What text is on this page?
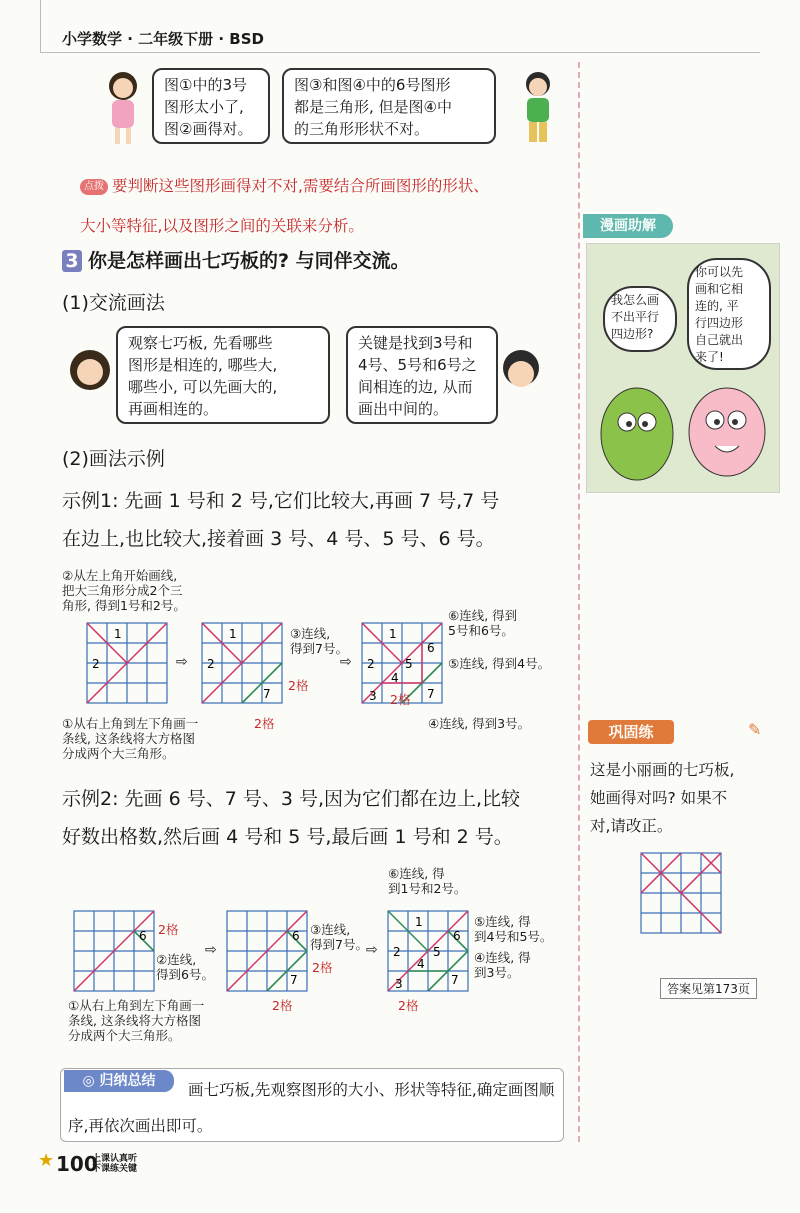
小学数学 · 二年级下册 · BSD
图①中的3号
图形太小了,
图②画得对。
图③和图④中的6号图形
都是三角形, 但是图④中
的三角形形状不对。
点拨 要判断这些图形画得对不对,需要结合所画图形的形状、
大小等特征,以及图形之间的关联来分析。
3 你是怎样画出七巧板的? 与同伴交流。
(1)交流画法
观察七巧板, 先看哪些
图形是相连的, 哪些大,
哪些小, 可以先画大的,
再画相连的。
关键是找到3号和
4号、5号和6号之
间相连的边, 从而
画出中间的。
(2)画法示例
示例1: 先画 1 号和 2 号,它们比较大,再画 7 号,7 号
在边上,也比较大,接着画 3 号、4 号、5 号、6 号。
②从左上角开始画线,
把大三角形分成2个三
角形, 得到1号和2号。
1
2	⇨
1
2
7
③连线,
得到7号。
2格
2格
⇨
1
2
6
5
4
7
3
⑥连线, 得到
5号和6号。
⑤连线, 得到4号。
④连线, 得到3号。
2格
①从右上角到左下角画一
条线, 这条线将大方格图
分成两个大三角形。
示例2: 先画 6 号、7 号、3 号,因为它们都在边上,比较
好数出格数,然后画 4 号和 5 号,最后画 1 号和 2 号。
⑥连线, 得
到1号和2号。
6 2格
②连线,
得到6号。
⇨
6
7
③连线,
得到7号。
2格
2格
⇨
1
2
6
5
4
7
3
⑤连线, 得
到4号和5号。
④连线, 得
到3号。
2格
①从右上角到左下角画一
条线, 这条线将大方格图
分成两个大三角形。
漫画助解
我怎么画
不出平行
四边形?
你可以先
画和它相
连的, 平
行四边形
自己就出
来了!
巩固练	✎
这是小丽画的七巧板,
她画得对吗? 如果不
对,请改正。
答案见第173页
画七巧板,先观察图形的大小、形状等特征,确定画图顺序,再依次画出即可。
◎ 归纳总结
★ 100
上课认真听
下课练关键
